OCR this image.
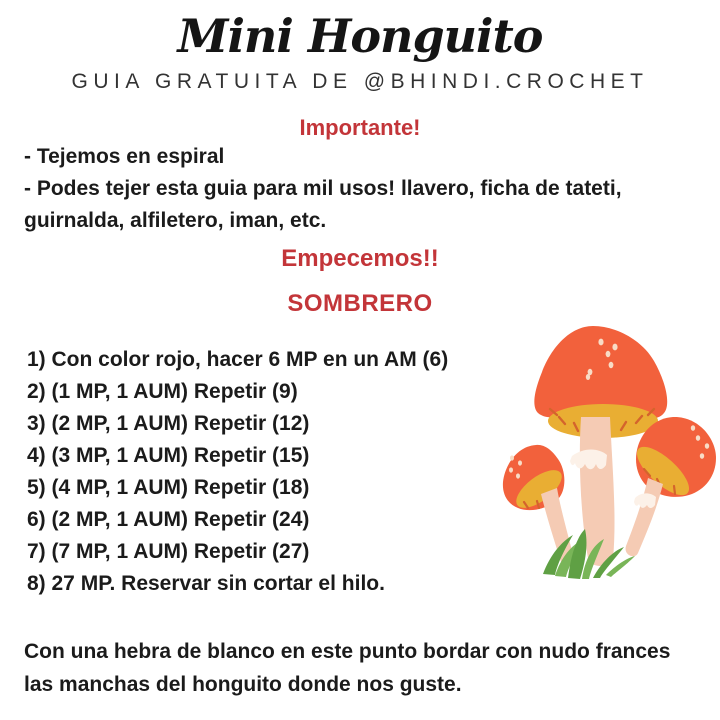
Mini Honguito
GUIA GRATUITA DE @BHINDI.CROCHET
Importante!
- Tejemos en espiral
- Podes tejer esta guia para mil usos! llavero, ficha de tateti,
guirnalda, alfiletero, iman, etc.
Empecemos!!
SOMBRERO
1) Con color rojo, hacer 6 MP en un AM (6)
2) (1 MP, 1 AUM) Repetir (9)
3) (2 MP, 1 AUM) Repetir (12)
4) (3 MP, 1 AUM) Repetir (15)
5) (4 MP, 1 AUM) Repetir (18)
6) (2 MP, 1 AUM) Repetir (24)
7) (7 MP, 1 AUM) Repetir (27)
8) 27 MP. Reservar sin cortar el hilo.
Con una hebra de blanco en este punto bordar con nudo frances
las manchas del honguito donde nos guste.
